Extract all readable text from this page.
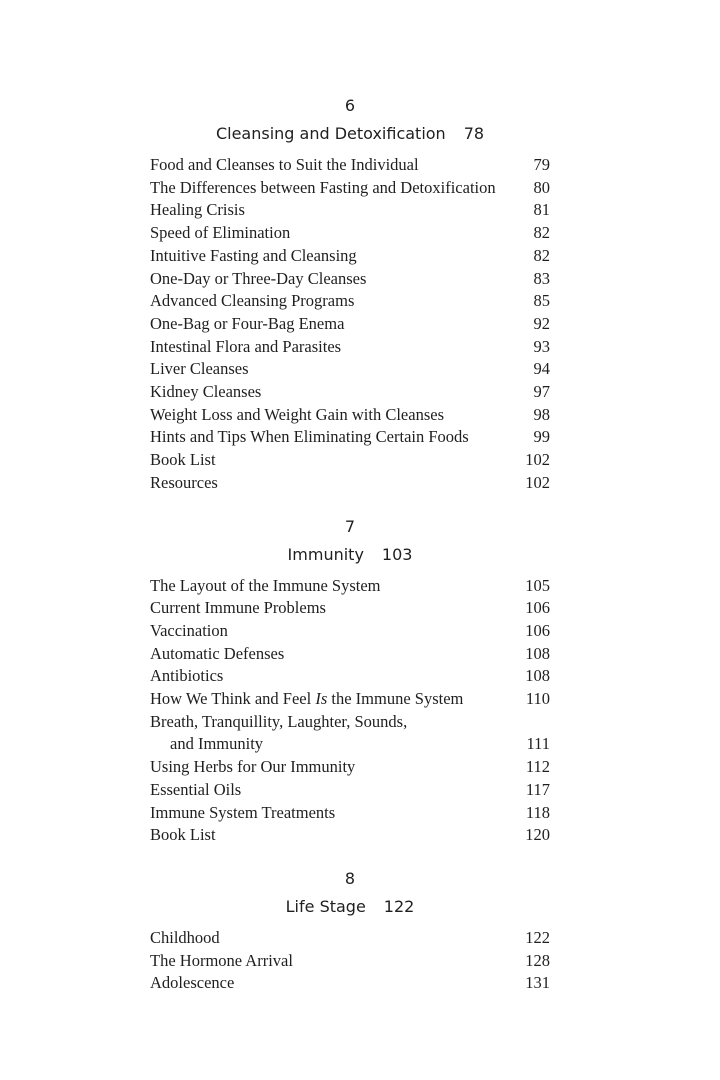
6
Cleansing and Detoxification 78
Food and Cleanses to Suit the Individual	79
The Differences between Fasting and Detoxification	80
Healing Crisis	81
Speed of Elimination	82
Intuitive Fasting and Cleansing	82
One-Day or Three-Day Cleanses	83
Advanced Cleansing Programs	85
One-Bag or Four-Bag Enema	92
Intestinal Flora and Parasites	93
Liver Cleanses	94
Kidney Cleanses	97
Weight Loss and Weight Gain with Cleanses	98
Hints and Tips When Eliminating Certain Foods	99
Book List	102
Resources	102
7
Immunity 103
The Layout of the Immune System	105
Current Immune Problems	106
Vaccination	106
Automatic Defenses	108
Antibiotics	108
How We Think and Feel Is the Immune System	110
Breath, Tranquillity, Laughter, Sounds,
and Immunity	111
Using Herbs for Our Immunity	112
Essential Oils	117
Immune System Treatments	118
Book List	120
8
Life Stage 122
Childhood	122
The Hormone Arrival	128
Adolescence	131
